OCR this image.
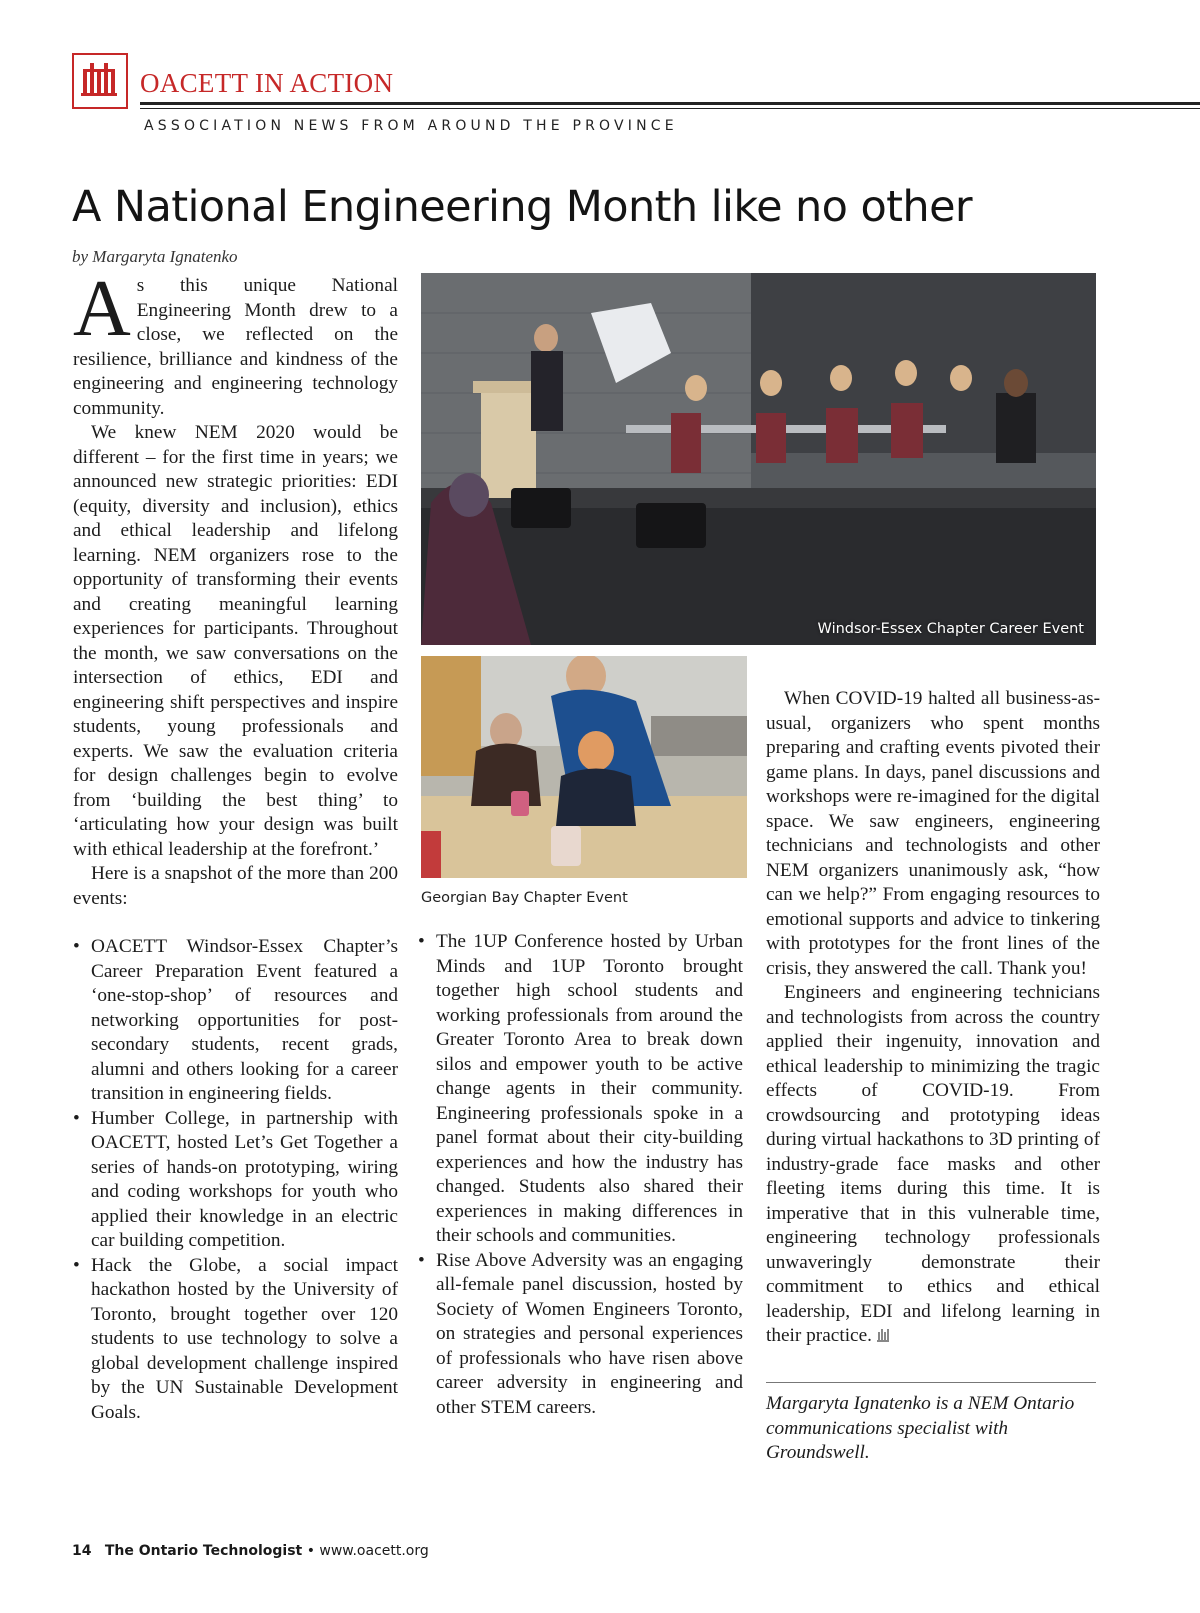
OACETT IN ACTION
ASSOCIATION NEWS FROM AROUND THE PROVINCE
A National Engineering Month like no other
by Margaryta Ignatenko

As this unique National Engineering Month drew to a close, we reflected on the resilience, brilliance and kindness of the engineering and engineering technology community.

We knew NEM 2020 would be different – for the first time in years; we announced new strategic priorities: EDI (equity, diversity and inclusion), ethics and ethical leadership and lifelong learning. NEM organizers rose to the opportunity of transforming their events and creating meaningful learning experiences for participants. Throughout the month, we saw conversations on the intersection of ethics, EDI and engineering shift perspectives and inspire students, young professionals and experts. We saw the evaluation criteria for design challenges begin to evolve from ‘building the best thing’ to ‘articulating how your design was built with ethical leadership at the forefront.’

Here is a snapshot of the more than 200 events:

• OACETT Windsor-Essex Chapter’s Career Preparation Event featured a ‘one-stop-shop’ of resources and networking opportunities for post-secondary students, recent grads, alumni and others looking for a career transition in engineering fields.
• Humber College, in partnership with OACETT, hosted Let’s Get Together a series of hands-on prototyping, wiring and coding workshops for youth who applied their knowledge in an electric car building competition.
• Hack the Globe, a social impact hackathon hosted by the University of Toronto, brought together over 120 students to use technology to solve a global development challenge inspired by the UN Sustainable Development Goals.
Windsor-Essex Chapter Career Event
Georgian Bay Chapter Event
• The 1UP Conference hosted by Urban Minds and 1UP Toronto brought together high school students and working professionals from around the Greater Toronto Area to break down silos and empower youth to be active change agents in their community. Engineering professionals spoke in a panel format about their city-building experiences and how the industry has changed. Students also shared their experiences in making differences in their schools and communities.
• Rise Above Adversity was an engaging all-female panel discussion, hosted by Society of Women Engineers Toronto, on strategies and personal experiences of professionals who have risen above career adversity in engineering and other STEM careers.

When COVID-19 halted all business-as-usual, organizers who spent months preparing and crafting events pivoted their game plans. In days, panel discussions and workshops were re-imagined for the digital space. We saw engineers, engineering technicians and technologists and other NEM organizers unanimously ask, “how can we help?” From engaging resources to emotional supports and advice to tinkering with prototypes for the front lines of the crisis, they answered the call. Thank you!

Engineers and engineering technicians and technologists from across the country applied their ingenuity, innovation and ethical leadership to minimizing the tragic effects of COVID-19. From crowdsourcing and prototyping ideas during virtual hackathons to 3D printing of industry-grade face masks and other fleeting items during this time. It is imperative that in this vulnerable time, engineering technology professionals unwaveringly demonstrate their commitment to ethics and ethical leadership, EDI and lifelong learning in their practice.

Margaryta Ignatenko is a NEM Ontario communications specialist with Groundswell.
14 The Ontario Technologist • www.oacett.org
